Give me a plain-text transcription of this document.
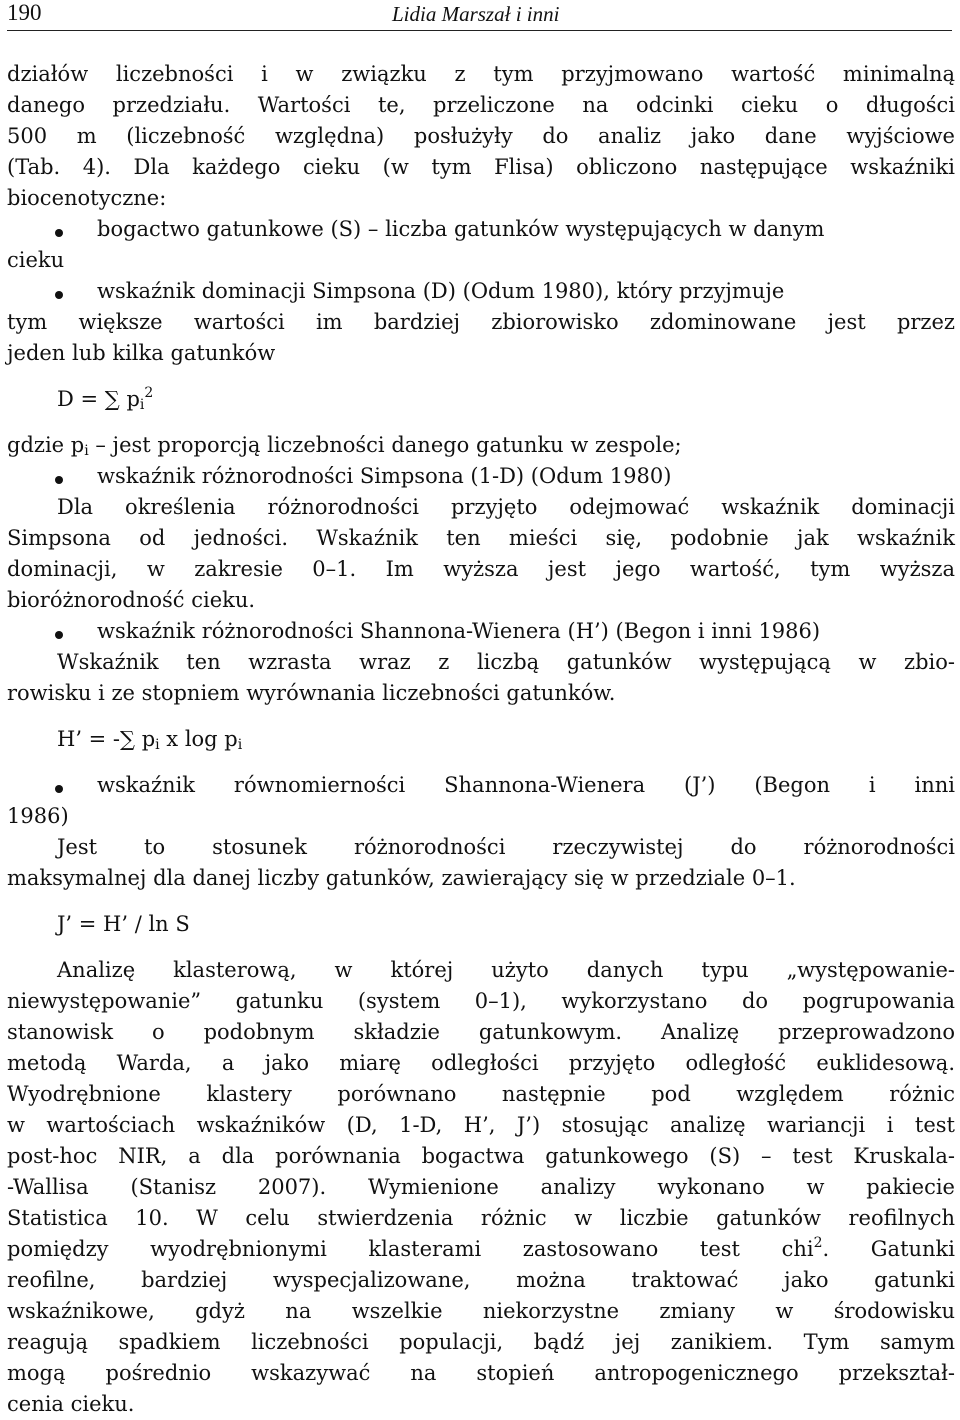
190	Lidia Marszał i inni
działów liczebności i w związku z tym przyjmowano wartość minimalną
danego przedziału. Wartości te, przeliczone na odcinki cieku o długości
500 m (liczebność względna) posłużyły do analiz jako dane wyjściowe
(Tab. 4). Dla każdego cieku (w tym Flisa) obliczono następujące wskaźniki
biocenotyczne:
bogactwo gatunkowe (S) – liczba gatunków występujących w danym
cieku
wskaźnik dominacji Simpsona (D) (Odum 1980), który przyjmuje
tym większe wartości im bardziej zbiorowisko zdominowane jest przez
jeden lub kilka gatunków
D = ∑ $p_i^2$
gdzie $p_i$ – jest proporcją liczebności danego gatunku w zespole;
wskaźnik różnorodności Simpsona (1-D) (Odum 1980)
Dla określenia różnorodności przyjęto odejmować wskaźnik dominacji
Simpsona od jedności. Wskaźnik ten mieści się, podobnie jak wskaźnik
dominacji, w zakresie 0–1. Im wyższa jest jego wartość, tym wyższa
bioróżnorodność cieku.
wskaźnik różnorodności Shannona-Wienera (H’) (Begon i inni 1986)
Wskaźnik ten wzrasta wraz z liczbą gatunków występującą w zbio-
rowisku i ze stopniem wyrównania liczebności gatunków.
H’ = -∑ $p_i$ x $\log p_i$
wskaźnik równomierności Shannona-Wienera (J’) (Begon i inni
1986)
Jest to stosunek różnorodności rzeczywistej do różnorodności
maksymalnej dla danej liczby gatunków, zawierający się w przedziale 0–1.
J’ = H’ / ln S
Analizę klasterową, w której użyto danych typu „występowanie-
niewystępowanie” gatunku (system 0–1), wykorzystano do pogrupowania
stanowisk o podobnym składzie gatunkowym. Analizę przeprowadzono
metodą Warda, a jako miarę odległości przyjęto odległość euklidesową.
Wyodrębnione klastery porównano następnie pod względem różnic
w wartościach wskaźników (D, 1-D, H’, J’) stosując analizę wariancji i test
post-hoc NIR, a dla porównania bogactwa gatunkowego (S) – test Kruskala-
-Wallisa (Stanisz 2007). Wymienione analizy wykonano w pakiecie
Statistica 10. W celu stwierdzenia różnic w liczbie gatunków reofilnych
pomiędzy wyodrębnionymi klasterami zastosowano test chi$^2$. Gatunki
reofilne, bardziej wyspecjalizowane, można traktować jako gatunki
wskaźnikowe, gdyż na wszelkie niekorzystne zmiany w środowisku
reagują spadkiem liczebności populacji, bądź jej zanikiem. Tym samym
mogą pośrednio wskazywać na stopień antropogenicznego przekształ-
cenia cieku.
